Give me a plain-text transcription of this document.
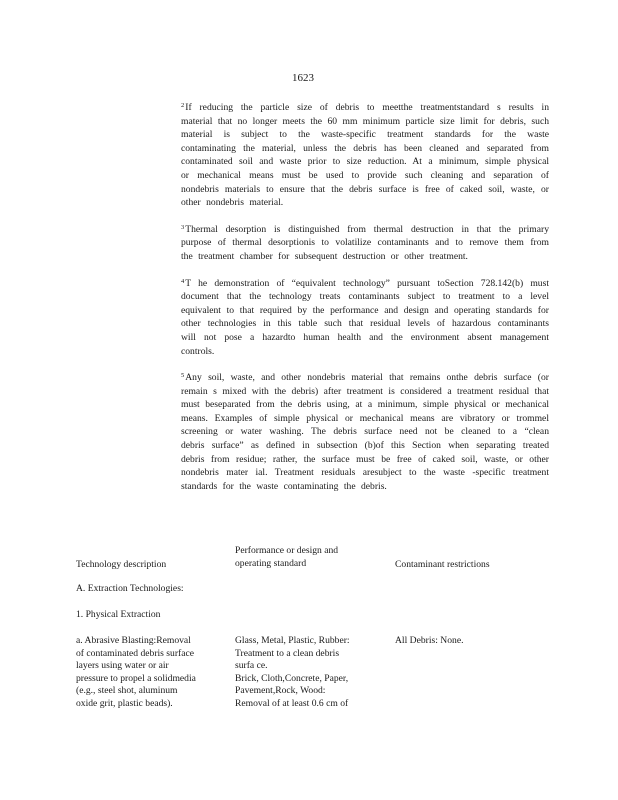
1623

$^2$If reducing the particle size of debris to meetthe treatmentstandard s results in material that no longer meets the 60 mm minimum particle size limit for debris, such material is subject to the waste-specific treatment standards for the waste contaminating the material, unless the debris has been cleaned and separated from contaminated soil and waste prior to size reduction. At a minimum, simple physical or mechanical means must be used to provide such cleaning and separation of nondebris materials to ensure that the debris surface is free of caked soil, waste, or other nondebris material.

$^3$Thermal desorption is distinguished from thermal destruction in that the primary purpose of thermal desorptionis to volatilize contaminants and to remove them from the treatment chamber for subsequent destruction or other treatment.

$^4$T he demonstration of “equivalent technology” pursuant toSection 728.142(b) must document that the technology treats contaminants subject to treatment to a level equivalent to that required by the performance and design and operating standards for other technologies in this table such that residual levels of hazardous contaminants will not pose a hazardto human health and the environment absent management controls.

$^5$Any soil, waste, and other nondebris material that remains onthe debris surface (or remain s mixed with the debris) after treatment is considered a treatment residual that must beseparated from the debris using, at a minimum, simple physical or mechanical means. Examples of simple physical or mechanical means are vibratory or trommel screening or water washing. The debris surface need not be cleaned to a “clean debris surface” as defined in subsection (b)of this Section when separating treated debris from residue; rather, the surface must be free of caked soil, waste, or other nondebris mater ial. Treatment residuals aresubject to the waste -specific treatment standards for the waste contaminating the debris.

Technology description
Performance or design and
operating standard	Contaminant restrictions
A. Extraction Technologies:
1. Physical Extraction
a. Abrasive Blasting:Removal
of contaminated debris surface
layers using water or air
pressure to propel a solidmedia
(e.g., steel shot, aluminum
oxide grit, plastic beads).
Glass, Metal, Plastic, Rubber:
Treatment to a clean debris
surfa ce.
Brick, Cloth,Concrete, Paper,
Pavement,Rock, Wood:
Removal of at least 0.6 cm of
All Debris: None.
